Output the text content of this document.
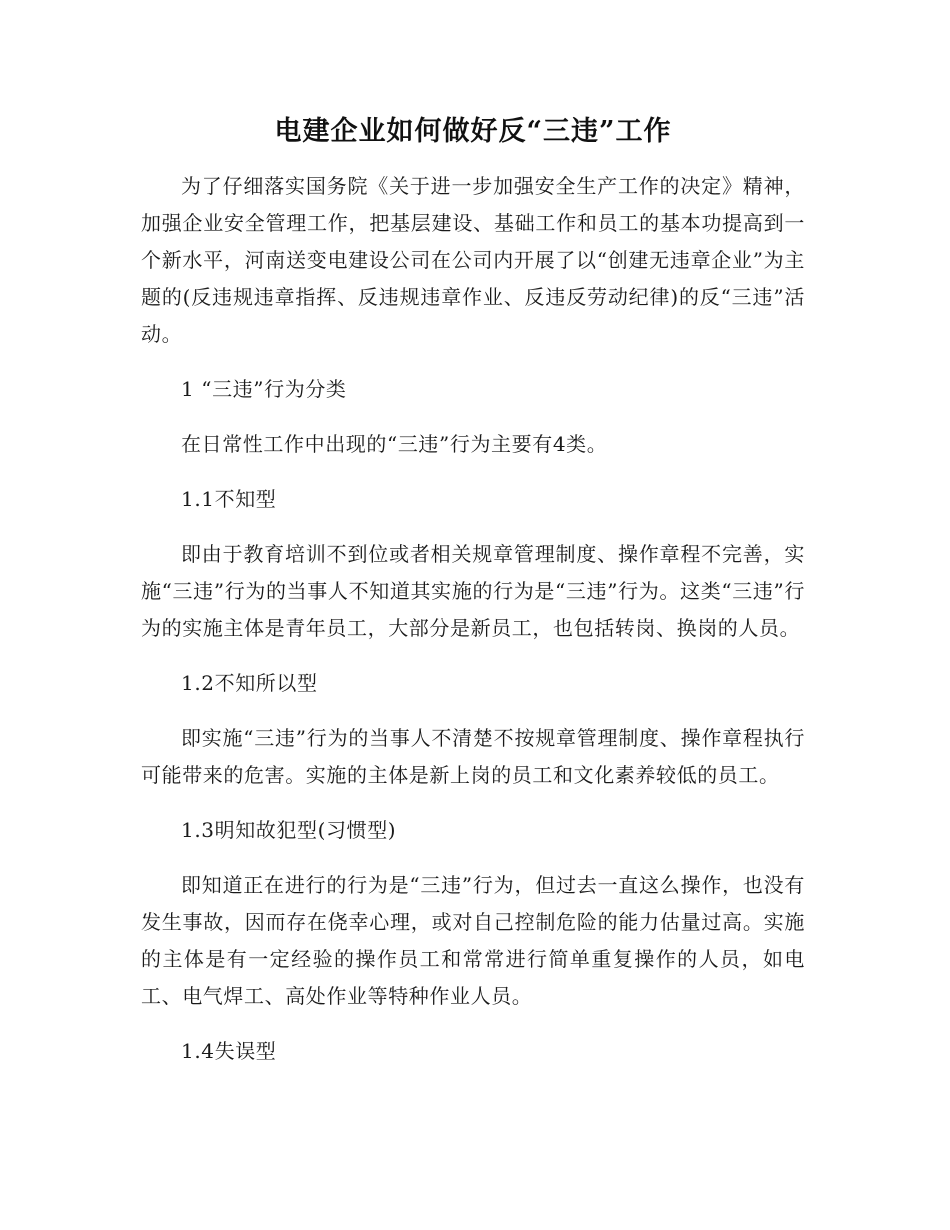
电建企业如何做好反“三违”工作

为了仔细落实国务院《关于进一步加强安全生产工作的决定》精神，加强企业安全管理工作，把基层建设、基础工作和员工的基本功提高到一个新水平，河南送变电建设公司在公司内开展了以“创建无违章企业”为主题的(反违规违章指挥、反违规违章作业、反违反劳动纪律)的反“三违”活动。

1 “三违”行为分类

在日常性工作中出现的“三违”行为主要有4类。

1.1不知型

即由于教育培训不到位或者相关规章管理制度、操作章程不完善，实施“三违”行为的当事人不知道其实施的行为是“三违”行为。这类“三违”行为的实施主体是青年员工，大部分是新员工，也包括转岗、换岗的人员。

1.2不知所以型

即实施“三违”行为的当事人不清楚不按规章管理制度、操作章程执行可能带来的危害。实施的主体是新上岗的员工和文化素养较低的员工。

1.3明知故犯型(习惯型)

即知道正在进行的行为是“三违”行为，但过去一直这么操作，也没有发生事故，因而存在侥幸心理，或对自己控制危险的能力估量过高。实施的主体是有一定经验的操作员工和常常进行简单重复操作的人员，如电工、电气焊工、高处作业等特种作业人员。

1.4失误型
